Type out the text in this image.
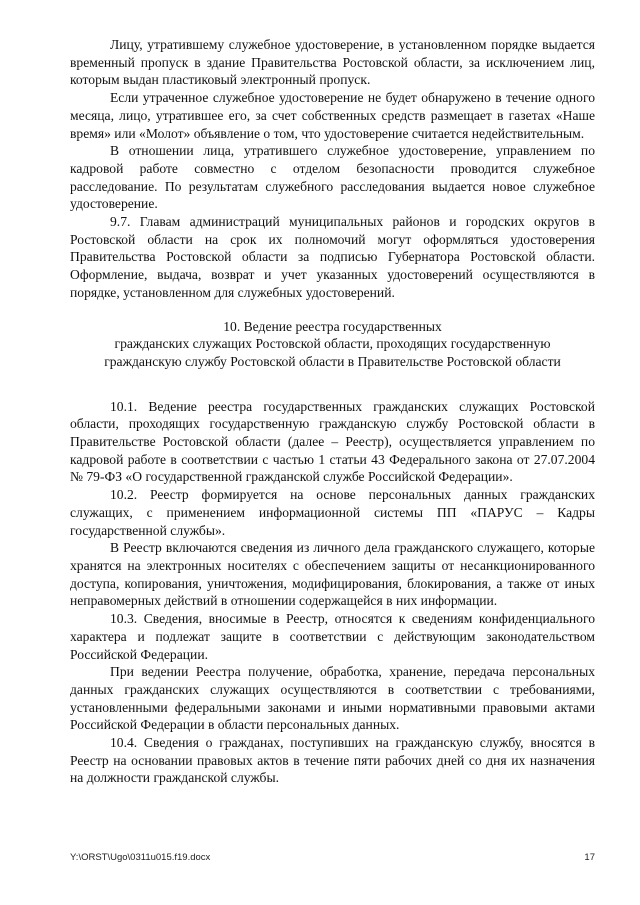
Лицу, утратившему служебное удостоверение, в установленном порядке выдается временный пропуск в здание Правительства Ростовской области, за исключением лиц, которым выдан пластиковый электронный пропуск.

Если утраченное служебное удостоверение не будет обнаружено в течение одного месяца, лицо, утратившее его, за счет собственных средств размещает в газетах «Наше время» или «Молот» объявление о том, что удостоверение считается недействительным.

В отношении лица, утратившего служебное удостоверение, управлением по кадровой работе совместно с отделом безопасности проводится служебное расследование. По результатам служебного расследования выдается новое служебное удостоверение.

9.7. Главам администраций муниципальных районов и городских округов в Ростовской области на срок их полномочий могут оформляться удостоверения Правительства Ростовской области за подписью Губернатора Ростовской области. Оформление, выдача, возврат и учет указанных удостоверений осуществляются в порядке, установленном для служебных удостоверений.

10. Ведение реестра государственных

гражданских служащих Ростовской области, проходящих государственную

гражданскую службу Ростовской области в Правительстве Ростовской области

10.1. Ведение реестра государственных гражданских служащих Ростовской области, проходящих государственную гражданскую службу Ростовской области в Правительстве Ростовской области (далее – Реестр), осуществляется управлением по кадровой работе в соответствии с частью 1 статьи 43 Федерального закона от 27.07.2004 № 79-ФЗ «О государственной гражданской службе Российской Федерации».

10.2. Реестр формируется на основе персональных данных гражданских служащих, с применением информационной системы ПП «ПАРУС – Кадры государственной службы».

В Реестр включаются сведения из личного дела гражданского служащего, которые хранятся на электронных носителях с обеспечением защиты от несанкционированного доступа, копирования, уничтожения, модифицирования, блокирования, а также от иных неправомерных действий в отношении содержащейся в них информации.

10.3. Сведения, вносимые в Реестр, относятся к сведениям конфиденциального характера и подлежат защите в соответствии с действующим законодательством Российской Федерации.

При ведении Реестра получение, обработка, хранение, передача персональных данных гражданских служащих осуществляются в соответствии с требованиями, установленными федеральными законами и иными нормативными правовыми актами Российской Федерации в области персональных данных.

10.4. Сведения о гражданах, поступивших на гражданскую службу, вносятся в Реестр на основании правовых актов в течение пяти рабочих дней со дня их назначения на должности гражданской службы.

Y:\ORST\Ugo\0311u015.f19.docx	17
